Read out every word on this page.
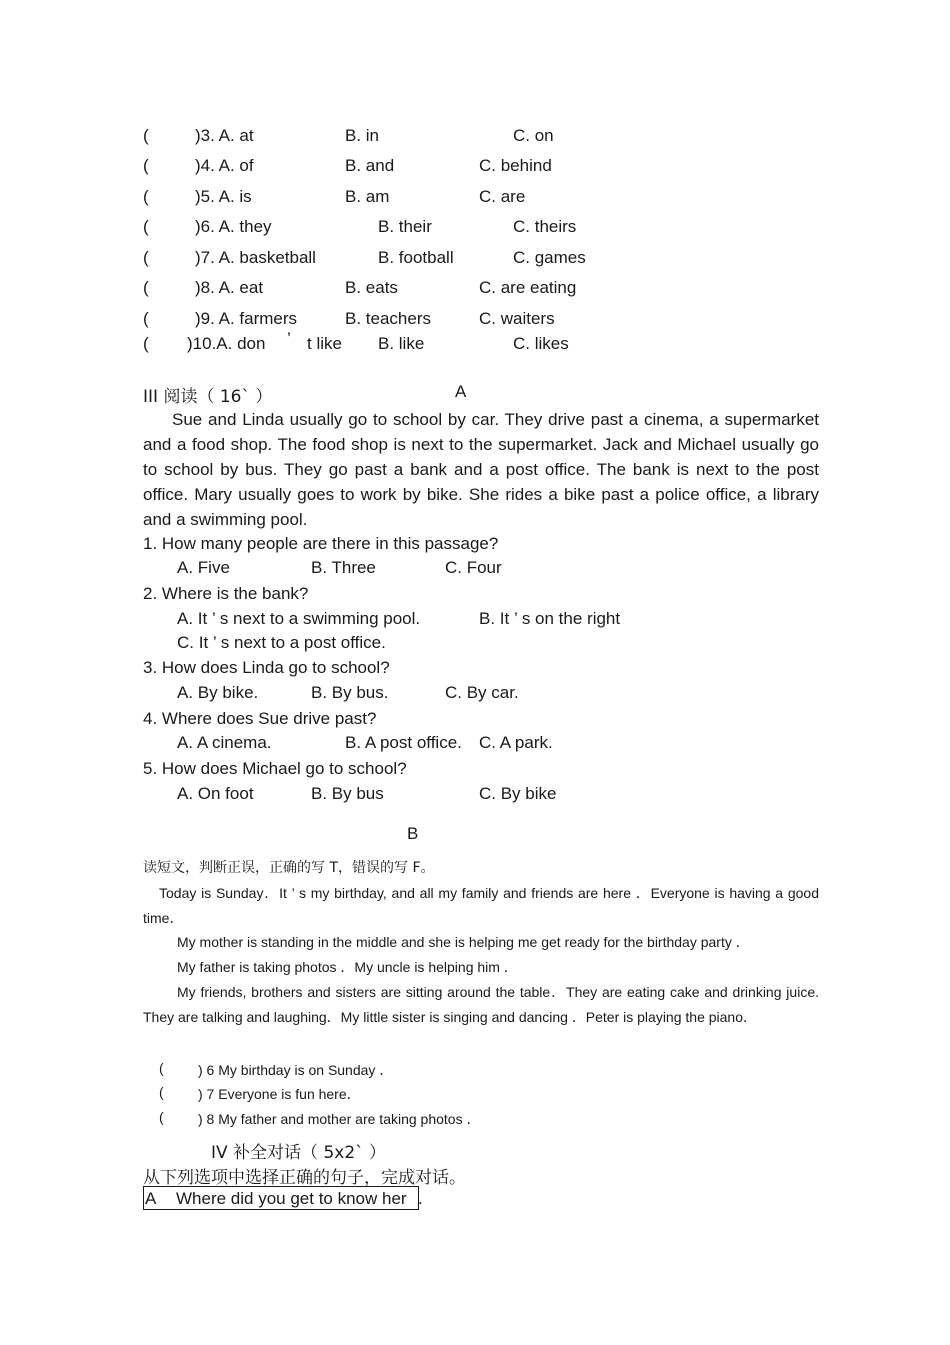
(	)3. A. at	B. in	C. on
(	)4. A. of	B. and	C. behind
(	)5. A. is	B. am	C. are
(	)6. A. they	B. their	C. theirs
(	)7. A. basketball	B. football	C. games
(	)8. A. eat	B. eats	C. are eating
(	)9. A. farmers	B. teachers	C. waiters
( )10.A. don ’ t like B. like	C. likes
III 阅读（ 16` ）	A
Sue and Linda usually go to school by car. They drive past a cinema, a supermarket and a food shop. The food shop is next to the supermarket. Jack and Michael usually go to school by bus. They go past a bank and a post office. The bank is next to the post office. Mary usually goes to work by bike. She rides a bike past a police office, a library and a swimming pool.
1. How many people are there in this passage?
A. Five	B. Three	C. Four
2. Where is the bank?
A. It ’ s next to a swimming pool.	B. It ’ s on the right
C. It ’ s next to a post office.
3. How does Linda go to school?
A. By bike.	B. By bus.	C. By car.
4. Where does Sue drive past?
A. A cinema.	B. A post office. C. A park.
5. How does Michael go to school?
A. On foot	B. By bus	C. By bike
B
读短文，判断正误，正确的写 T，错误的写 F。
Today is Sunday．It ’ s my birthday, and all my family and friends are here ．Everyone is having a good time．
My mother is standing in the middle and she is helping me get ready for the birthday party ．
My father is taking photos ．My uncle is helping him ．
My friends, brothers and sisters are sitting around the table．They are eating cake and drinking juice. They are talking and laughing．My little sister is singing and dancing ．Peter is playing the piano．
( ) 6 My birthday is on Sunday ．
( ) 7 Everyone is fun here．
( ) 8 My father and mother are taking photos ．
IV 补全对话（ 5x2` ）
从下列选项中选择正确的句子，完成对话。
A Where did you get to know her .
